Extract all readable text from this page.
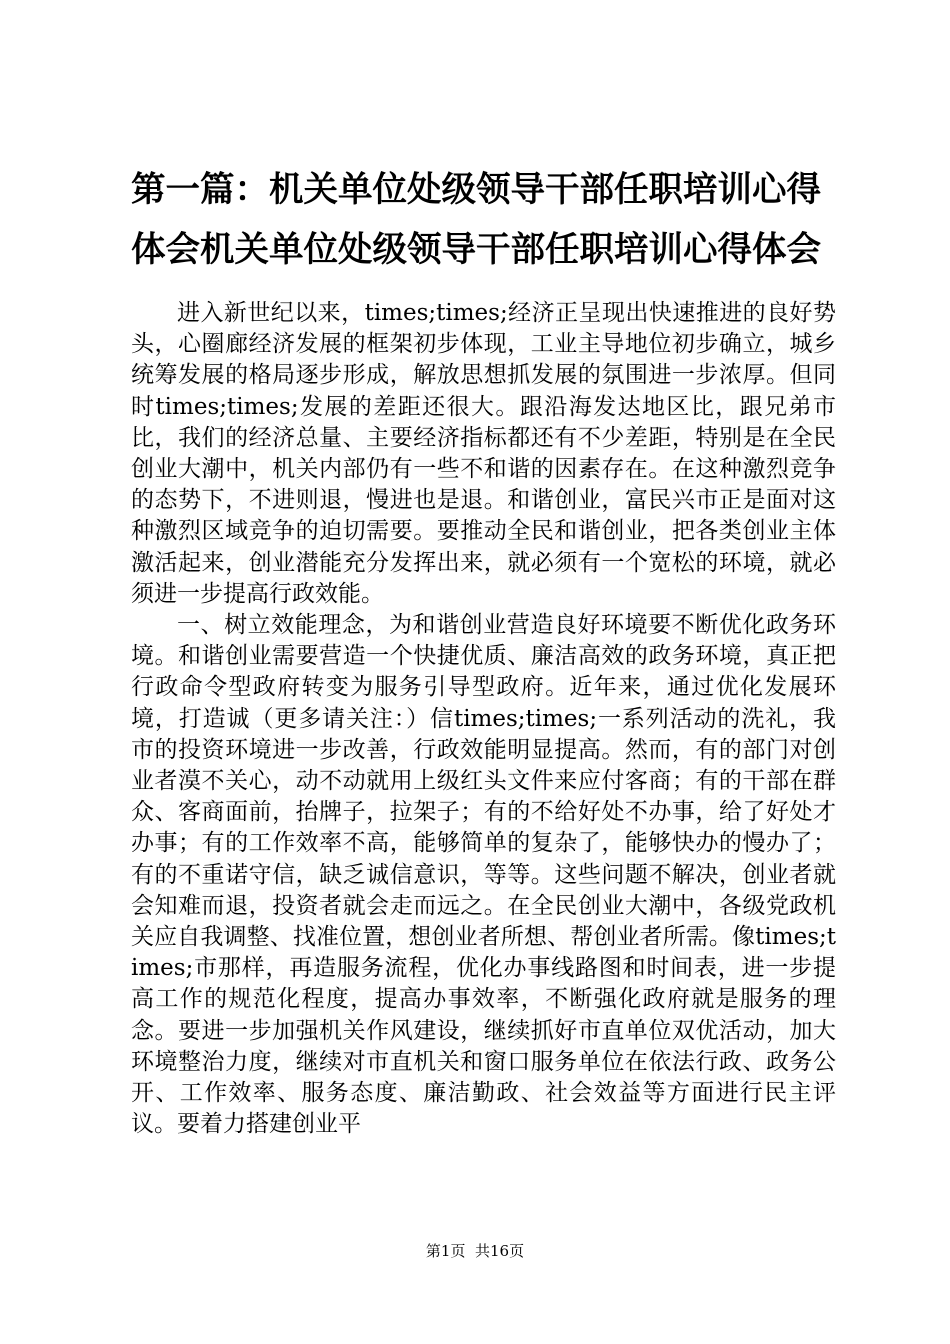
第一篇：机关单位处级领导干部任职培训心得体会机关单位处级领导干部任职培训心得体会

进入新世纪以来，times;times;经济正呈现出快速推进的良好势头，心圈廊经济发展的框架初步体现，工业主导地位初步确立，城乡统筹发展的格局逐步形成，解放思想抓发展的氛围进一步浓厚。但同时times;times;发展的差距还很大。跟沿海发达地区比，跟兄弟市比，我们的经济总量、主要经济指标都还有不少差距，特别是在全民创业大潮中，机关内部仍有一些不和谐的因素存在。在这种激烈竞争的态势下，不进则退，慢进也是退。和谐创业，富民兴市正是面对这种激烈区域竞争的迫切需要。要推动全民和谐创业，把各类创业主体激活起来，创业潜能充分发挥出来，就必须有一个宽松的环境，就必须进一步提高行政效能。

一、树立效能理念，为和谐创业营造良好环境要不断优化政务环境。和谐创业需要营造一个快捷优质、廉洁高效的政务环境，真正把行政命令型政府转变为服务引导型政府。近年来，通过优化发展环境，打造诚（更多请关注：）信times;times;一系列活动的洗礼，我市的投资环境进一步改善，行政效能明显提高。然而，有的部门对创业者漠不关心，动不动就用上级红头文件来应付客商；有的干部在群众、客商面前，抬牌子，拉架子；有的不给好处不办事，给了好处才办事；有的工作效率不高，能够简单的复杂了，能够快办的慢办了；有的不重诺守信，缺乏诚信意识，等等。这些问题不解决，创业者就会知难而退，投资者就会走而远之。在全民创业大潮中，各级党政机关应自我调整、找准位置，想创业者所想、帮创业者所需。像times;times;市那样，再造服务流程，优化办事线路图和时间表，进一步提高工作的规范化程度，提高办事效率，不断强化政府就是服务的理念。要进一步加强机关作风建设，继续抓好市直单位双优活动，加大环境整治力度，继续对市直机关和窗口服务单位在依法行政、政务公开、工作效率、服务态度、廉洁勤政、社会效益等方面进行民主评议。要着力搭建创业平

第1页  共16页
